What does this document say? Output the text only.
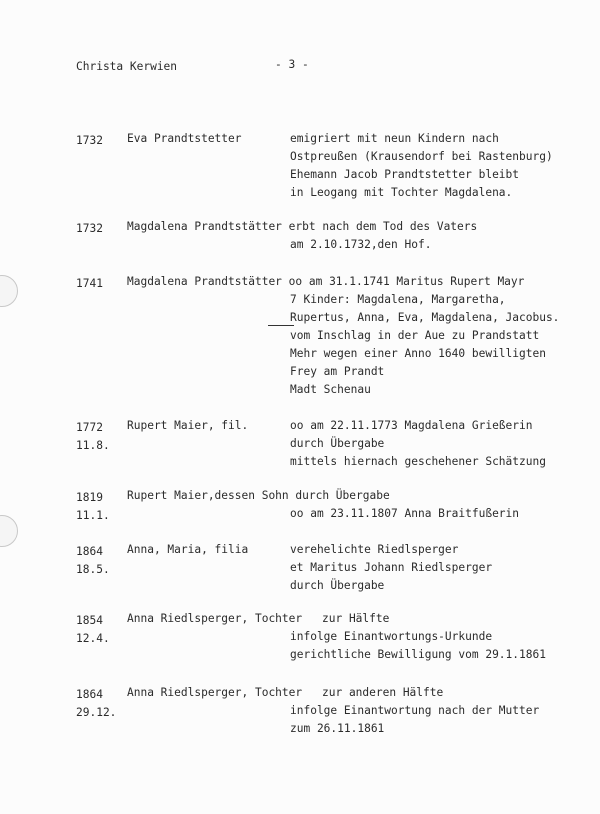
Christa Kerwien	- 3 -
1732 Eva Prandtstetter	emigriert mit neun Kindern nach
Ostpreußen (Krausendorf bei Rastenburg)
Ehemann Jacob Prandtstetter bleibt
in Leogang mit Tochter Magdalena.
1732 Magdalena Prandtstätter erbt nach dem Tod des Vaters
am 2.10.1732,den Hof.
1741 Magdalena Prandtstätter oo am 31.1.1741 Maritus Rupert Mayr
7 Kinder: Magdalena, Margaretha,
Rupertus, Anna, Eva, Magdalena, Jacobus.
vom Inschlag in der Aue zu Prandstatt
Mehr wegen einer Anno 1640 bewilligten
Frey am Prandt
Madt Schenau
1772
11.8.
Rupert Maier, fil.	oo am 22.11.1773 Magdalena Grießerin
durch Übergabe
mittels hiernach geschehener Schätzung
1819
11.1.
Rupert Maier,dessen Sohn durch Übergabe
oo am 23.11.1807 Anna Braitfußerin
1864
18.5.
Anna, Maria, filia	verehelichte Riedlsperger
et Maritus Johann Riedlsperger
durch Übergabe
1854
12.4.
Anna Riedlsperger, Tochter zur Hälfte
infolge Einantwortungs-Urkunde
gerichtliche Bewilligung vom 29.1.1861
1864
29.12.
Anna Riedlsperger, Tochter zur anderen Hälfte
infolge Einantwortung nach der Mutter
zum 26.11.1861
